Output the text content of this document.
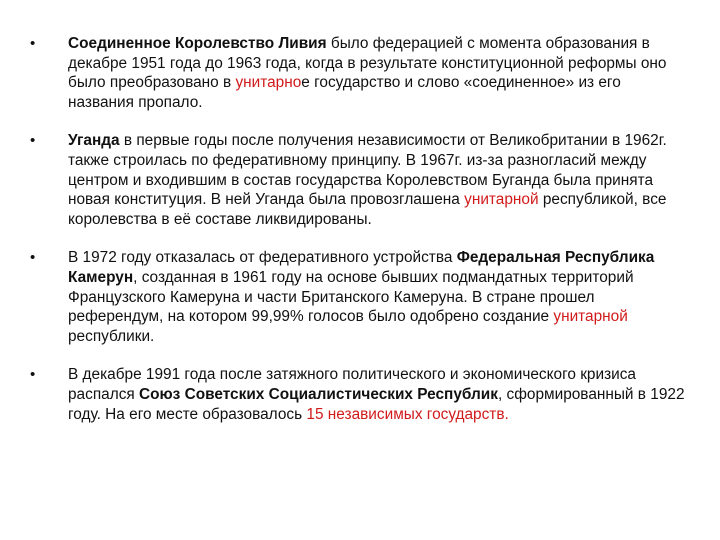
• Соединенное Королевство Ливия было федерацией с момента образования в декабре 1951 года до 1963 года, когда в результате конституционной реформы оно было преобразовано в унитарное государство и слово «соединенное» из его названия пропало.
• Уганда в первые годы после получения независимости от Великобритании в 1962г. также строилась по федеративному принципу. В 1967г. из-за разногласий между центром и входившим в состав государства Королевством Буганда была принята новая конституция. В ней Уганда была провозглашена унитарной республикой, все королевства в её составе ликвидированы.
• В 1972 году отказалась от федеративного устройства Федеральная Республика Камерун, созданная в 1961 году на основе бывших подмандатных территорий Французского Камеруна и части Британского Камеруна. В стране прошел референдум, на котором 99,99% голосов было одобрено создание унитарной республики.
• В декабре 1991 года после затяжного политического и экономического кризиса распался Союз Советских Социалистических Республик, сформированный в 1922 году. На его месте образовалось 15 независимых государств.
